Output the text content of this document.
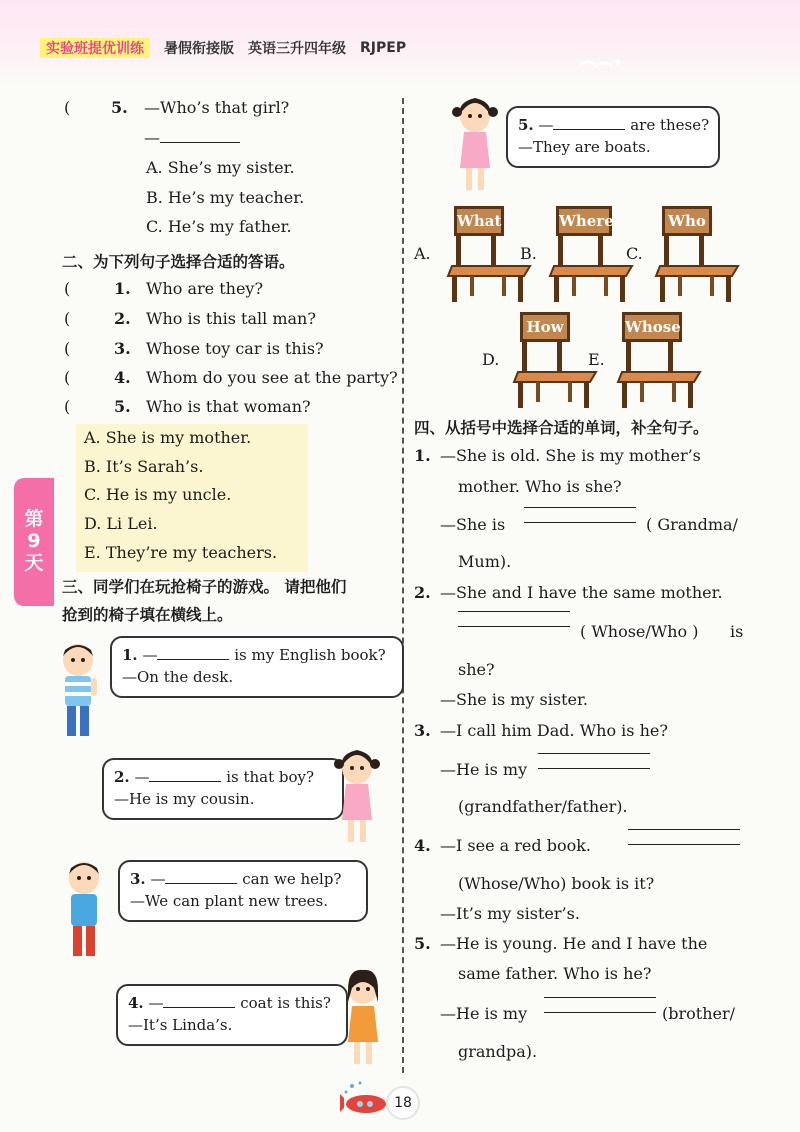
实验班提优训练	暑假衔接版 英语三升四年级 RJPEP
第
9
天
(	5. —Who’s that girl?
—
A. She’s my sister.
B. He’s my teacher.
C. He’s my father.
二、为下列句子选择合适的答语。
(	1. Who are they?
(	2. Who is this tall man?
(	3. Whose toy car is this?
(	4. Whom do you see at the party?
(	5. Who is that woman?
A. She is my mother.
B. It’s Sarah’s.
C. He is my uncle.
D. Li Lei.
E. They’re my teachers.
三、同学们在玩抢椅子的游戏。 请把他们
抢到的椅子填在横线上。
1. —	is my English book?
—On the desk.
2. —	is that boy?
—He is my cousin.
3. —	can we help?
—We can plant new trees.
4. —	coat is this?
—It’s Linda’s.
5. —	are these?
—They are boats.
A.
What
B.
Where
C.
Who
D.
How
E.
Whose
四、从括号中选择合适的单词，补全句子。
1. —She is old. She is my mother’s
mother. Who is she?
—She is	( Grandma/
Mum).
2. —She and I have the same mother.
( Whose/Who ) is
she?
—She is my sister.
3. —I call him Dad. Who is he?
—He is my
(grandfather/father).
4. —I see a red book.
(Whose/Who) book is it?
—It’s my sister’s.
5. —He is young. He and I have the
same father. Who is he?
—He is my	(brother/
grandpa).
18
